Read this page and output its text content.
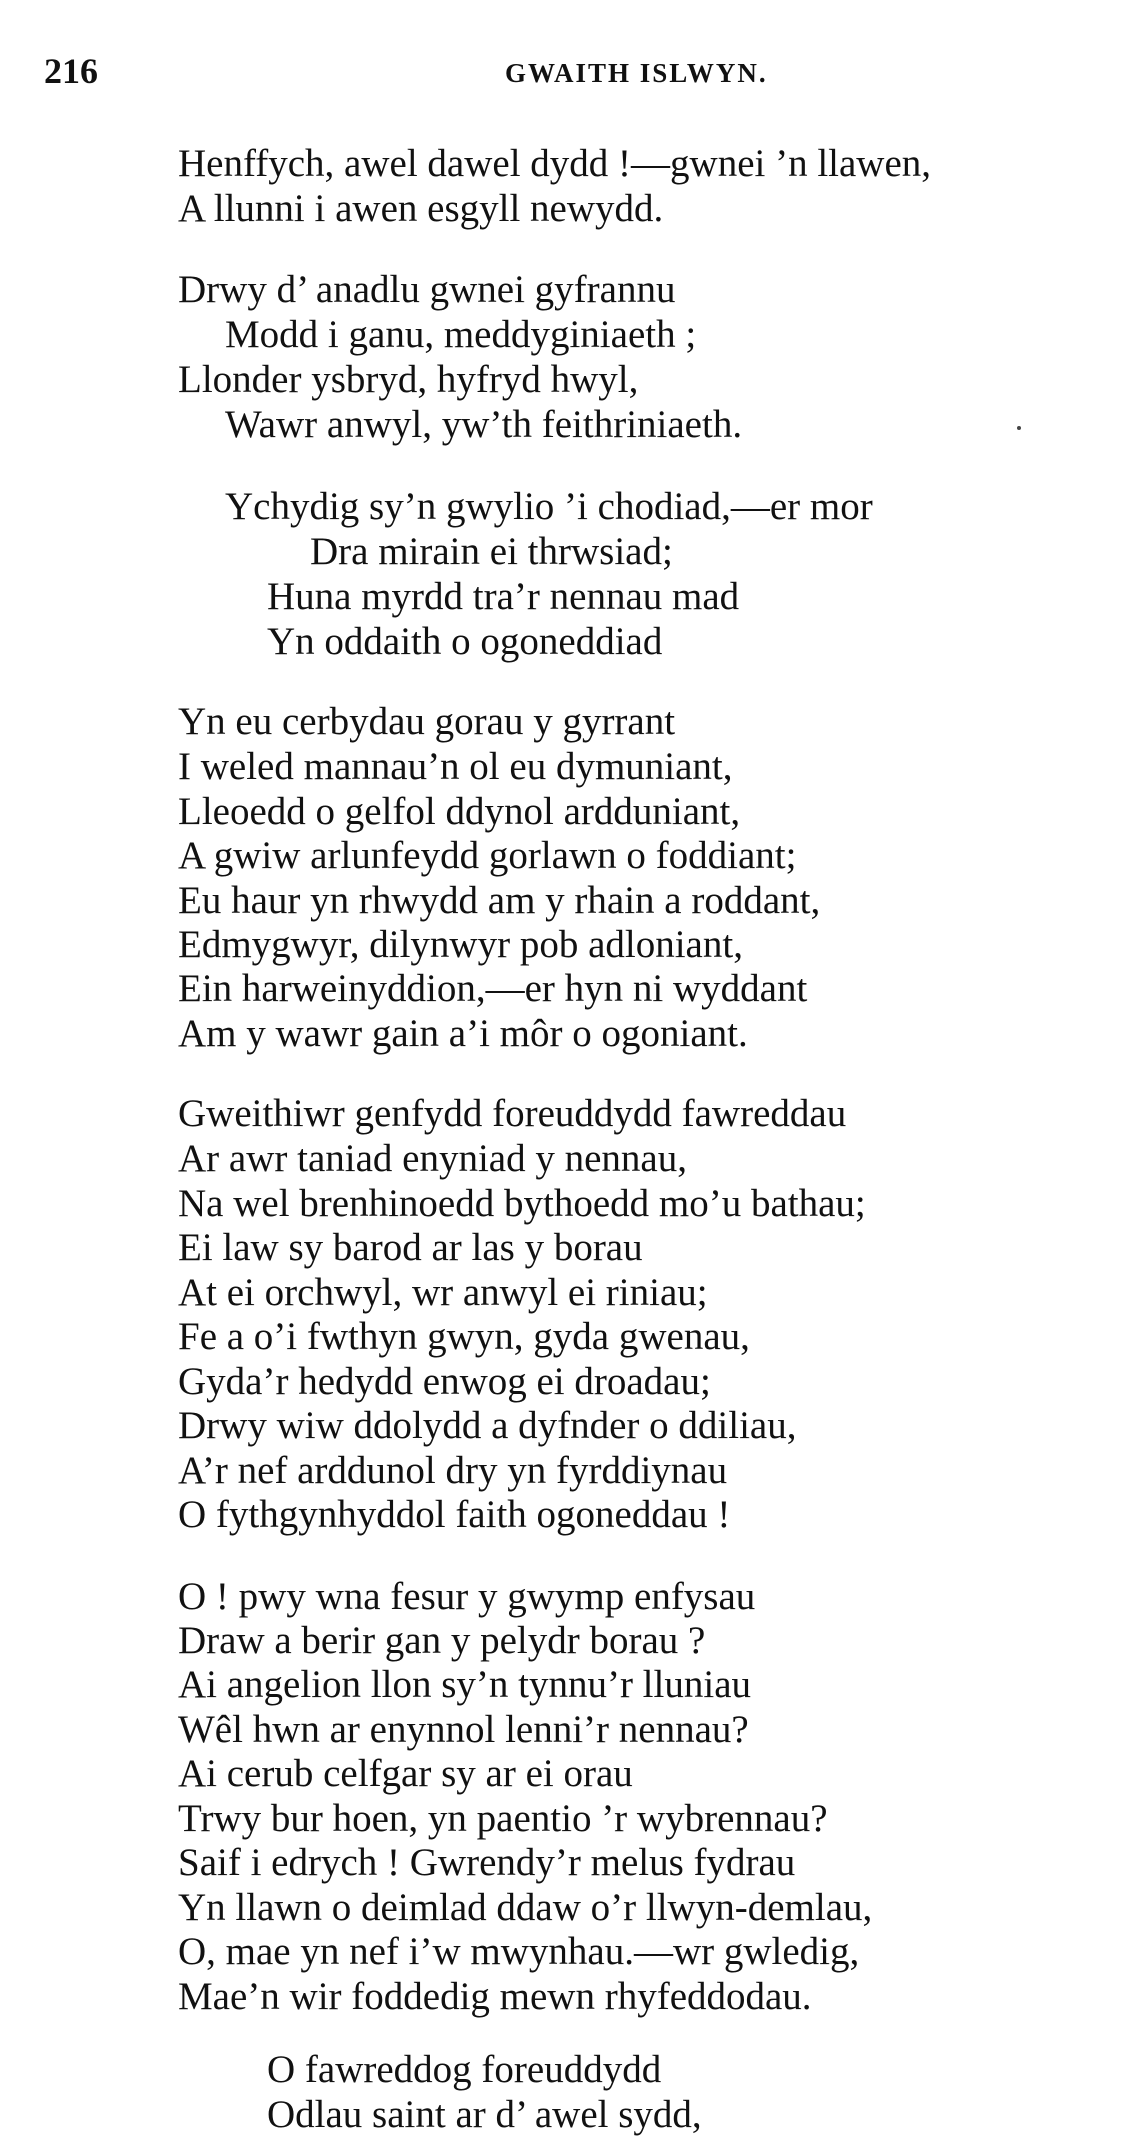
216	GWAITH ISLWYN.
Henffych, awel dawel dydd !—gwnei ’n llawen,
A llunni i awen esgyll newydd.
Drwy d’ anadlu gwnei gyfrannu
Modd i ganu, meddyginiaeth ;
Llonder ysbryd, hyfryd hwyl,
Wawr anwyl, yw’th feithriniaeth.
Ychydig sy’n gwylio ’i chodiad,—er mor
Dra mirain ei thrwsiad;
Huna myrdd tra’r nennau mad
Yn oddaith o ogoneddiad
Yn eu cerbydau gorau y gyrrant
I weled mannau’n ol eu dymuniant,
Lleoedd o gelfol ddynol ardduniant,
A gwiw arlunfeydd gorlawn o foddiant;
Eu haur yn rhwydd am y rhain a roddant,
Edmygwyr, dilynwyr pob adloniant,
Ein harweinyddion,—er hyn ni wyddant
Am y wawr gain a’i môr o ogoniant.
Gweithiwr genfydd foreuddydd fawreddau
Ar awr taniad enyniad y nennau,
Na wel brenhinoedd bythoedd mo’u bathau;
Ei law sy barod ar las y borau
At ei orchwyl, wr anwyl ei riniau;
Fe a o’i fwthyn gwyn, gyda gwenau,
Gyda’r hedydd enwog ei droadau;
Drwy wiw ddolydd a dyfnder o ddiliau,
A’r nef arddunol dry yn fyrddiynau
O fythgynhyddol faith ogoneddau !
O ! pwy wna fesur y gwymp enfysau
Draw a berir gan y pelydr borau ?
Ai angelion llon sy’n tynnu’r lluniau
Wêl hwn ar enynnol lenni’r nennau?
Ai cerub celfgar sy ar ei orau
Trwy bur hoen, yn paentio ’r wybrennau?
Saif i edrych ! Gwrendy’r melus fydrau
Yn llawn o deimlad ddaw o’r llwyn-demlau,
O, mae yn nef i’w mwynhau.—wr gwledig,
Mae’n wir foddedig mewn rhyfeddodau.
O fawreddog foreuddydd
Odlau saint ar d’ awel sydd,
